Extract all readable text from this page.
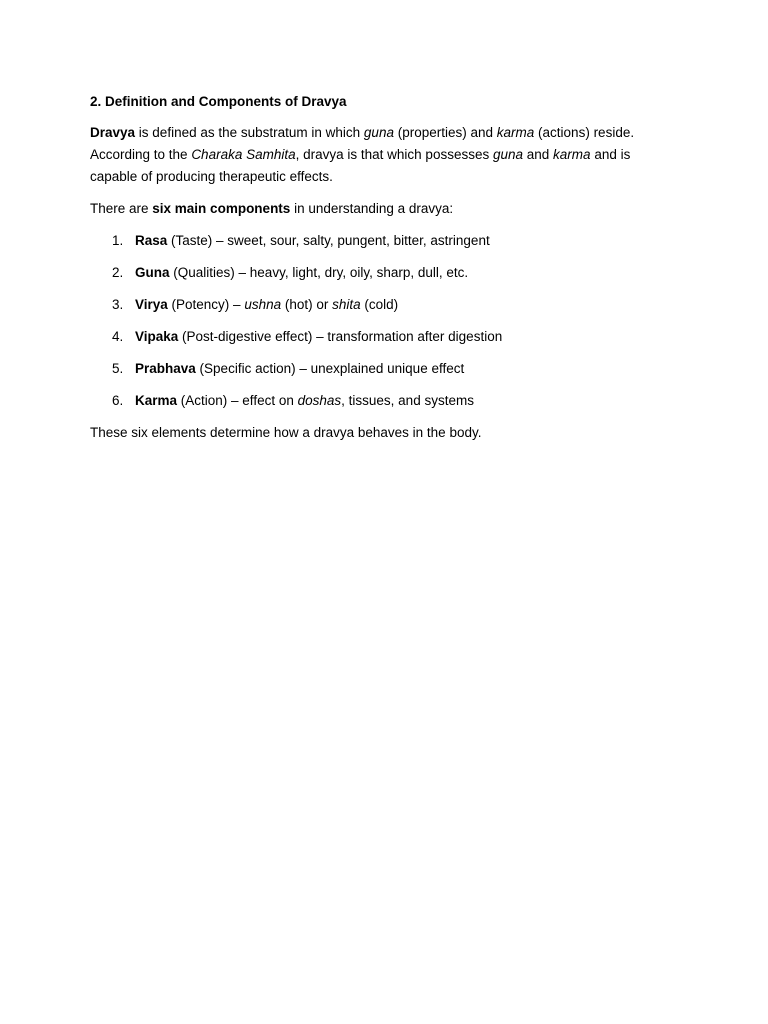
2. Definition and Components of Dravya

Dravya is defined as the substratum in which guna (properties) and karma (actions) reside. According to the Charaka Samhita, dravya is that which possesses guna and karma and is capable of producing therapeutic effects.

There are six main components in understanding a dravya:

1. Rasa (Taste) – sweet, sour, salty, pungent, bitter, astringent
2. Guna (Qualities) – heavy, light, dry, oily, sharp, dull, etc.
3. Virya (Potency) – ushna (hot) or shita (cold)
4. Vipaka (Post-digestive effect) – transformation after digestion
5. Prabhava (Specific action) – unexplained unique effect
6. Karma (Action) – effect on doshas, tissues, and systems

These six elements determine how a dravya behaves in the body.
